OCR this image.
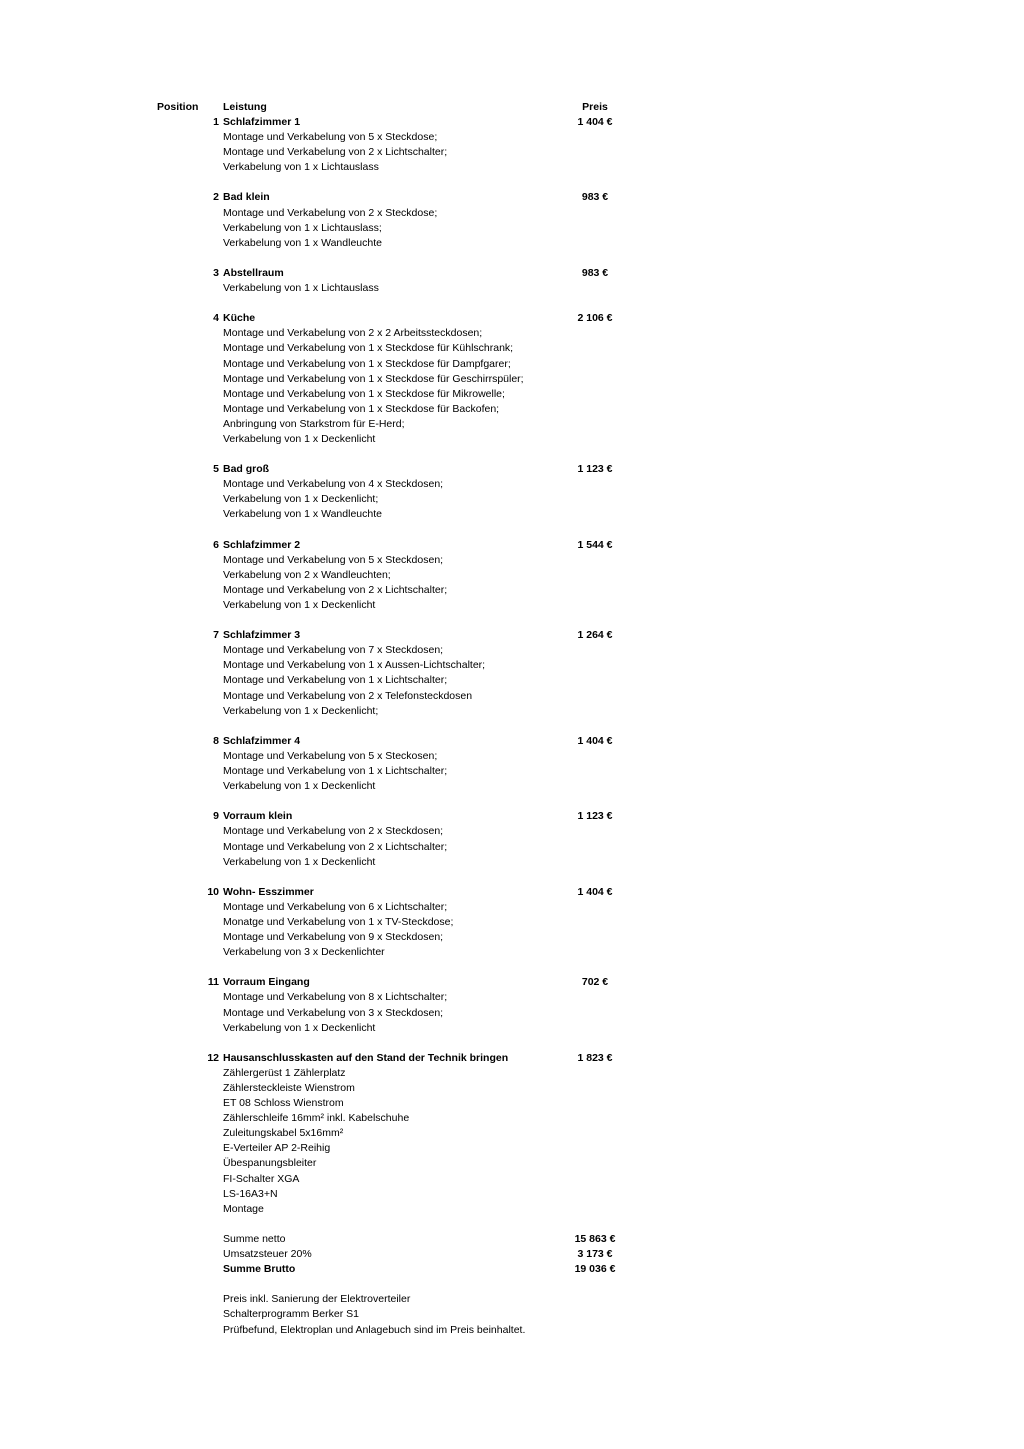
Position Leistung	Preis
1 Schlafzimmer 1	1 404 €
Montage und Verkabelung von 5 x Steckdose;
Montage und Verkabelung von 2 x Lichtschalter;
Verkabelung von 1 x Lichtauslass
2 Bad klein	983 €
Montage und Verkabelung von 2 x Steckdose;
Verkabelung von 1 x Lichtauslass;
Verkabelung von 1 x Wandleuchte
3 Abstellraum	983 €
Verkabelung von 1 x Lichtauslass
4 Küche	2 106 €
Montage und Verkabelung von 2 x 2 Arbeitssteckdosen;
Montage und Verkabelung von 1 x Steckdose für Kühlschrank;
Montage und Verkabelung von 1 x Steckdose für Dampfgarer;
Montage und Verkabelung von 1 x Steckdose für Geschirrspüler;
Montage und Verkabelung von 1 x Steckdose für Mikrowelle;
Montage und Verkabelung von 1 x Steckdose für Backofen;
Anbringung von Starkstrom für E-Herd;
Verkabelung von 1 x Deckenlicht
5 Bad groß	1 123 €
Montage und Verkabelung von 4 x Steckdosen;
Verkabelung von 1 x Deckenlicht;
Verkabelung von 1 x Wandleuchte
6 Schlafzimmer 2	1 544 €
Montage und Verkabelung von 5 x Steckdosen;
Verkabelung von 2 x Wandleuchten;
Montage und Verkabelung von 2 x Lichtschalter;
Verkabelung von 1 x Deckenlicht
7 Schlafzimmer 3	1 264 €
Montage und Verkabelung von 7 x Steckdosen;
Montage und Verkabelung von 1 x Aussen-Lichtschalter;
Montage und Verkabelung von 1 x Lichtschalter;
Montage und Verkabelung von 2 x Telefonsteckdosen
Verkabelung von 1 x Deckenlicht;
8 Schlafzimmer 4	1 404 €
Montage und Verkabelung von 5 x Steckosen;
Montage und Verkabelung von 1 x Lichtschalter;
Verkabelung von 1 x Deckenlicht
9 Vorraum klein	1 123 €
Montage und Verkabelung von 2 x Steckdosen;
Montage und Verkabelung von 2 x Lichtschalter;
Verkabelung von 1 x Deckenlicht
10 Wohn- Esszimmer	1 404 €
Montage und Verkabelung von 6 x Lichtschalter;
Monatge und Verkabelung von 1 x TV-Steckdose;
Montage und Verkabelung von 9 x Steckdosen;
Verkabelung von 3 x Deckenlichter
11 Vorraum Eingang	702 €
Montage und Verkabelung von 8 x Lichtschalter;
Montage und Verkabelung von 3 x Steckdosen;
Verkabelung von 1 x Deckenlicht
12 Hausanschlusskasten auf den Stand der Technik bringen	1 823 €
Zählergerüst 1 Zählerplatz
Zählersteckleiste Wienstrom
ET 08 Schloss Wienstrom
Zählerschleife 16mm² inkl. Kabelschuhe
Zuleitungskabel 5x16mm²
E-Verteiler AP 2-Reihig
Übespanungsbleiter
FI-Schalter XGA
LS-16A3+N
Montage
Summe netto	15 863 €
Umsatzsteuer 20%	3 173 €
Summe Brutto	19 036 €
Preis inkl. Sanierung der Elektroverteiler
Schalterprogramm Berker S1
Prüfbefund, Elektroplan und Anlagebuch sind im Preis beinhaltet.
